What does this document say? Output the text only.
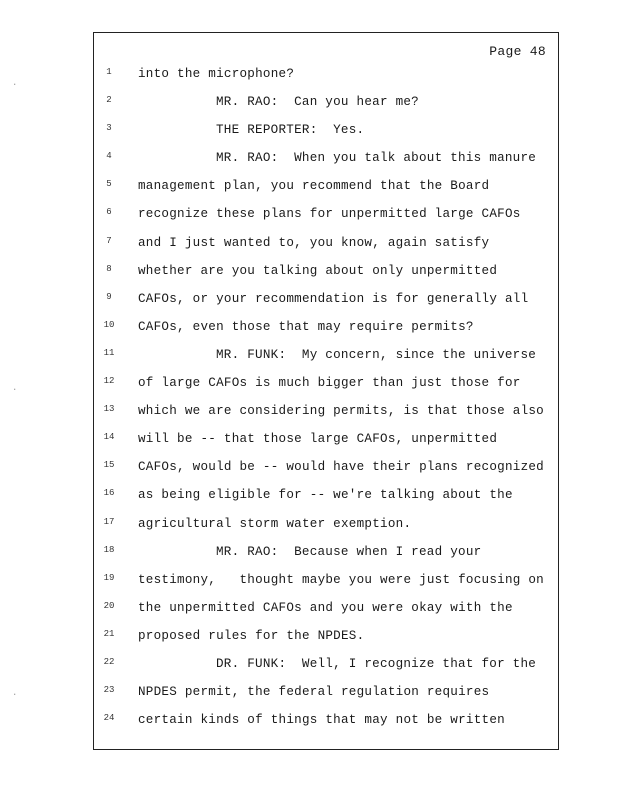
·
·
·
Page 48
1	into the microphone?
2	MR. RAO:  Can you hear me?
3	THE REPORTER:  Yes.
4	MR. RAO:  When you talk about this manure
5	management plan, you recommend that the Board
6	recognize these plans for unpermitted large CAFOs
7	and I just wanted to, you know, again satisfy
8	whether are you talking about only unpermitted
9	CAFOs, or your recommendation is for generally all
10	CAFOs, even those that may require permits?
11	MR. FUNK:  My concern, since the universe
12	of large CAFOs is much bigger than just those for
13	which we are considering permits, is that those also
14	will be -- that those large CAFOs, unpermitted
15	CAFOs, would be -- would have their plans recognized
16	as being eligible for -- we're talking about the
17	agricultural storm water exemption.
18	MR. RAO:  Because when I read your
19	testimony,   thought maybe you were just focusing on
20	the unpermitted CAFOs and you were okay with the
21	proposed rules for the NPDES.
22	DR. FUNK:  Well, I recognize that for the
23	NPDES permit, the federal regulation requires
24	certain kinds of things that may not be written
